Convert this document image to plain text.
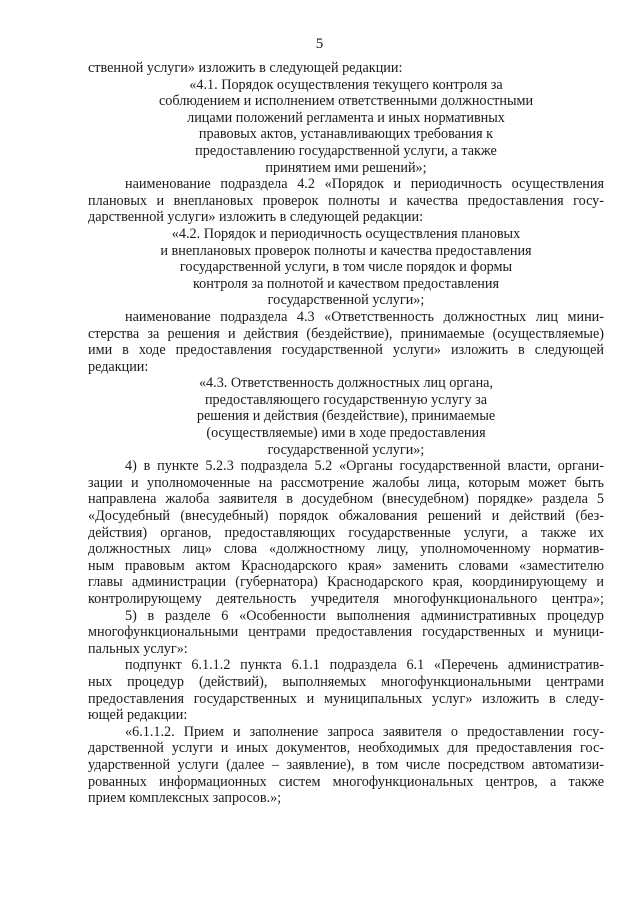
5
ственной услуги» изложить в следующей редакции:
«4.1. Порядок осуществления текущего контроля за
соблюдением и исполнением ответственными должностными
лицами положений регламента и иных нормативных
правовых актов, устанавливающих требования к
предоставлению государственной услуги, а также
принятием ими решений»;
наименование подраздела 4.2 «Порядок и периодичность осуществления
плановых и внеплановых проверок полноты и качества предоставления госу-
дарственной услуги» изложить в следующей редакции:
«4.2. Порядок и периодичность осуществления плановых
и внеплановых проверок полноты и качества предоставления
государственной услуги, в том числе порядок и формы
контроля за полнотой и качеством предоставления
государственной услуги»;
наименование подраздела 4.3 «Ответственность должностных лиц мини-
стерства за решения и действия (бездействие), принимаемые (осуществляемые)
ими в ходе предоставления государственной услуги» изложить в следующей
редакции:
«4.3. Ответственность должностных лиц органа,
предоставляющего государственную услугу за
решения и действия (бездействие), принимаемые
(осуществляемые) ими в ходе предоставления
государственной услуги»;
4) в пункте 5.2.3 подраздела 5.2 «Органы государственной власти, органи-
зации и уполномоченные на рассмотрение жалобы лица, которым может быть
направлена жалоба заявителя в досудебном (внесудебном) порядке» раздела 5
«Досудебный (внесудебный) порядок обжалования решений и действий (без-
действия) органов, предоставляющих государственные услуги, а также их
должностных лиц» слова «должностному лицу, уполномоченному норматив-
ным правовым актом Краснодарского края» заменить словами «заместителю
главы администрации (губернатора) Краснодарского края, координирующему и
контролирующему деятельность учредителя многофункционального центра»;
5) в разделе 6 «Особенности выполнения административных процедур
многофункциональными центрами предоставления государственных и муници-
пальных услуг»:
подпункт 6.1.1.2 пункта 6.1.1 подраздела 6.1 «Перечень административ-
ных процедур (действий), выполняемых многофункциональными центрами
предоставления государственных и муниципальных услуг» изложить в следу-
ющей редакции:
«6.1.1.2. Прием и заполнение запроса заявителя о предоставлении госу-
дарственной услуги и иных документов, необходимых для предоставления гос-
ударственной услуги (далее – заявление), в том числе посредством автоматизи-
рованных информационных систем многофункциональных центров, а также
прием комплексных запросов.»;
